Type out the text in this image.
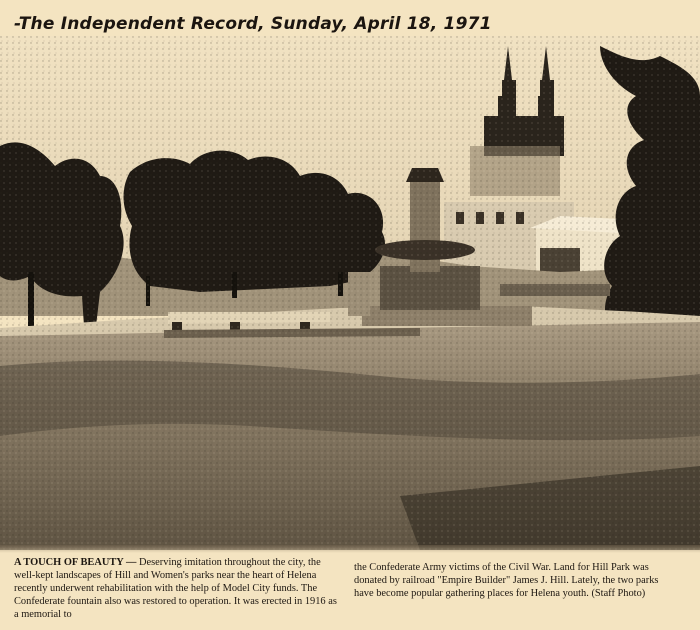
-The Independent Record, Sunday, April 18, 1971
A TOUCH OF BEAUTY — Deserving imitation throughout the city, the well-kept landscapes of Hill and Women's parks near the heart of Helena recently underwent rehabilitation with the help of Model City funds. The Confederate fountain also was restored to operation. It was erected in 1916 as a memorial to
the Confederate Army victims of the Civil War. Land for Hill Park was donated by railroad "Empire Builder" James J. Hill. Lately, the two parks have become popular gathering places for Helena youth. (Staff Photo)
